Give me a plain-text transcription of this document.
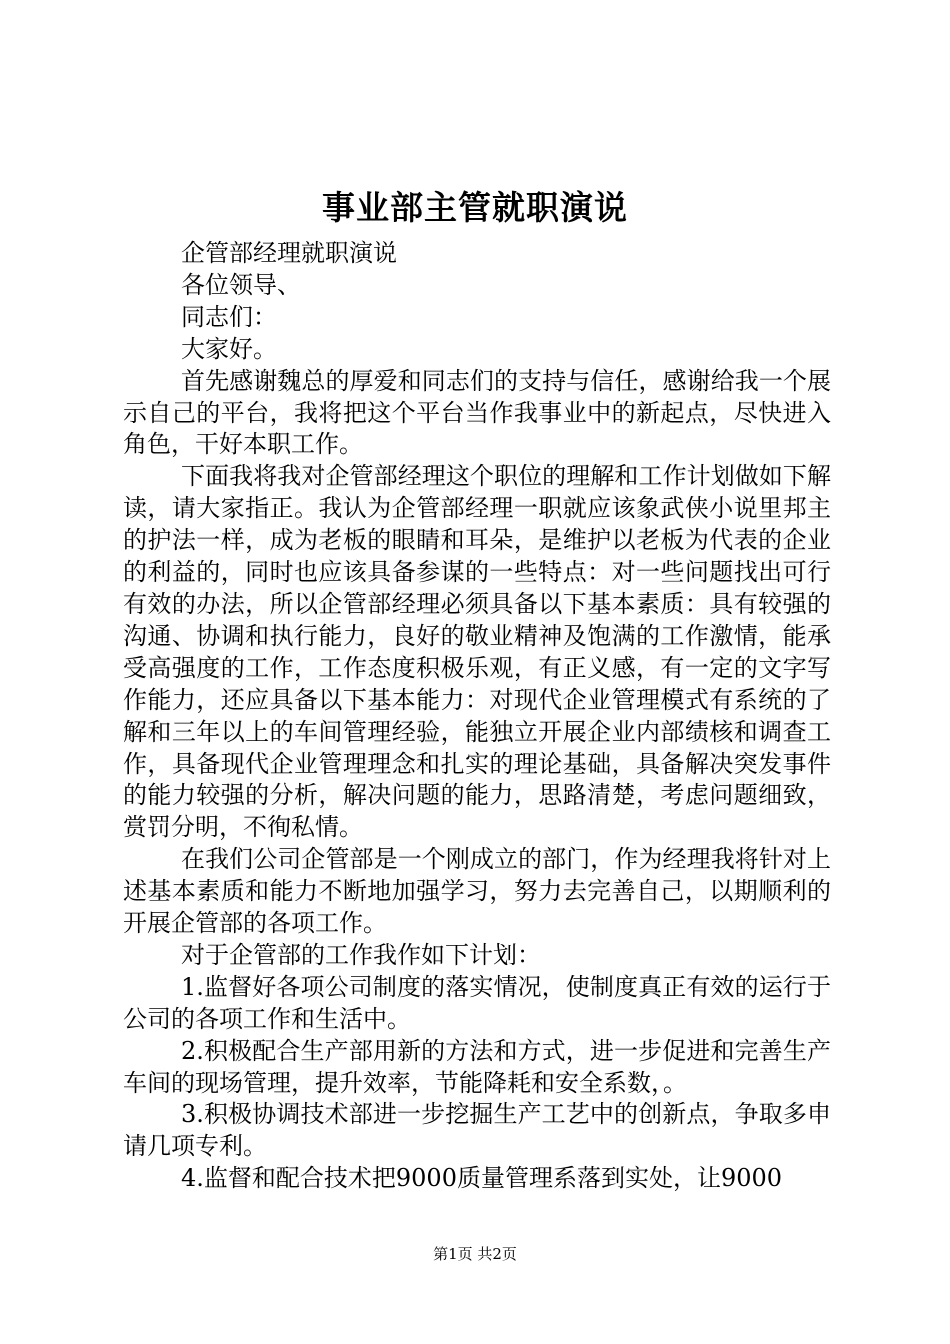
事业部主管就职演说

企管部经理就职演说

各位领导、

同志们：

大家好。

首先感谢魏总的厚爱和同志们的支持与信任，感谢给我一个展示自己的平台，我将把这个平台当作我事业中的新起点，尽快进入角色，干好本职工作。

下面我将我对企管部经理这个职位的理解和工作计划做如下解读，请大家指正。我认为企管部经理一职就应该象武侠小说里邦主的护法一样，成为老板的眼睛和耳朵，是维护以老板为代表的企业的利益的，同时也应该具备参谋的一些特点：对一些问题找出可行有效的办法，所以企管部经理必须具备以下基本素质：具有较强的沟通、协调和执行能力，良好的敬业精神及饱满的工作激情，能承受高强度的工作，工作态度积极乐观，有正义感，有一定的文字写作能力，还应具备以下基本能力：对现代企业管理模式有系统的了解和三年以上的车间管理经验，能独立开展企业内部绩核和调查工作，具备现代企业管理理念和扎实的理论基础，具备解决突发事件的能力较强的分析，解决问题的能力，思路清楚，考虑问题细致，赏罚分明，不徇私情。

在我们公司企管部是一个刚成立的部门，作为经理我将针对上述基本素质和能力不断地加强学习，努力去完善自己，以期顺利的开展企管部的各项工作。

对于企管部的工作我作如下计划：

1.监督好各项公司制度的落实情况，使制度真正有效的运行于公司的各项工作和生活中。

2.积极配合生产部用新的方法和方式，进一步促进和完善生产车间的现场管理，提升效率，节能降耗和安全系数，。

3.积极协调技术部进一步挖掘生产工艺中的创新点，争取多申请几项专利。

4.监督和配合技术把9000质量管理系落到实处，让9000

第1页 共2页
